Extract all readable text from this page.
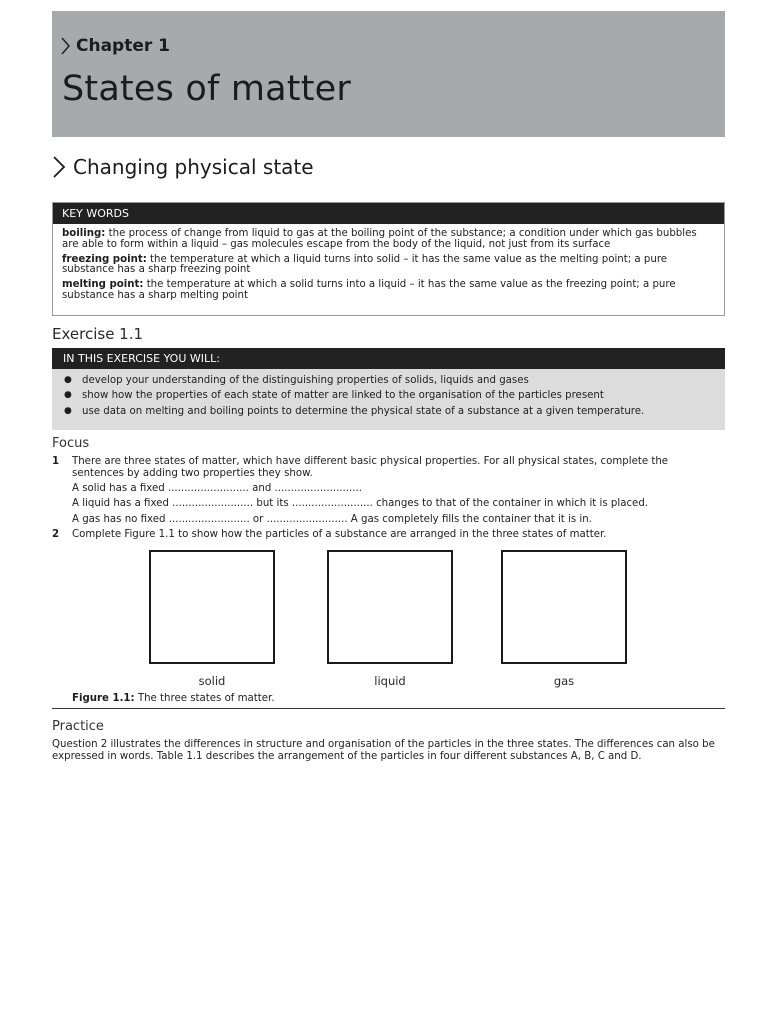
Chapter 1
States of matter
Changing physical state
KEY WORDS
boiling: the process of change from liquid to gas at the boiling point of the substance; a condition under which gas bubbles are able to form within a liquid – gas molecules escape from the body of the liquid, not just from its surface
freezing point: the temperature at which a liquid turns into solid – it has the same value as the melting point; a pure substance has a sharp freezing point
melting point: the temperature at which a solid turns into a liquid – it has the same value as the freezing point; a pure substance has a sharp melting point
Exercise 1.1
IN THIS EXERCISE YOU WILL:
● develop your understanding of the distinguishing properties of solids, liquids and gases
● show how the properties of each state of matter are linked to the organisation of the particles present
● use data on melting and boiling points to determine the physical state of a substance at a given temperature.
Focus
1 There are three states of matter, which have different basic physical properties. For all physical states, complete the sentences by adding two properties they show.
A solid has a fixed ......................... and ...........................
A liquid has a fixed ......................... but its ......................... changes to that of the container in which it is placed.
A gas has no fixed ......................... or ......................... A gas completely fills the container that it is in.
2 Complete Figure 1.1 to show how the particles of a substance are arranged in the three states of matter.
solid	liquid	gas
Figure 1.1: The three states of matter.
Practice
Question 2 illustrates the differences in structure and organisation of the particles in the three states. The differences can also be expressed in words. Table 1.1 describes the arrangement of the particles in four different substances A, B, C and D.
